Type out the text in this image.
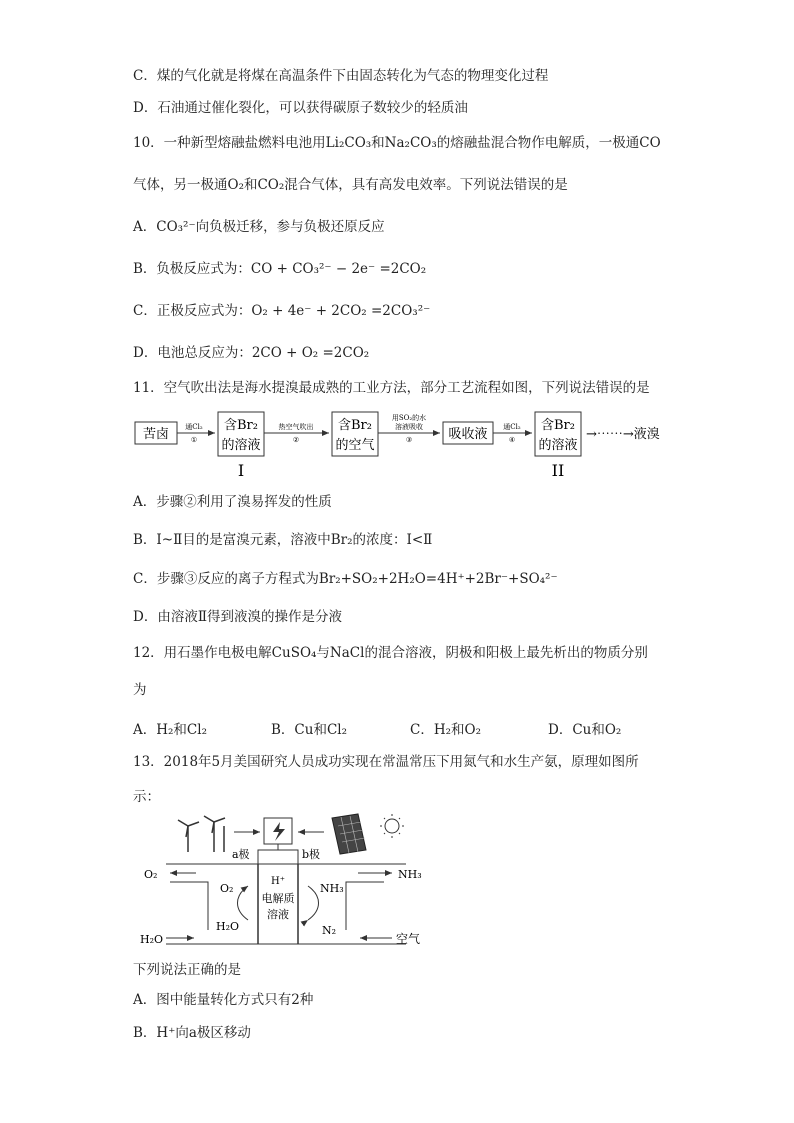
C．煤的气化就是将煤在高温条件下由固态转化为气态的物理变化过程
D．石油通过催化裂化，可以获得碳原子数较少的轻质油
10．一种新型熔融盐燃料电池用Li₂CO₃和Na₂CO₃的熔融盐混合物作电解质，一极通CO
气体，另一极通O₂和CO₂混合气体，具有高发电效率。下列说法错误的是
A．CO₃²⁻向负极迁移，参与负极还原反应
B．负极反应式为：CO + CO₃²⁻ − 2e⁻ =2CO₂
C．正极反应式为：O₂ + 4e⁻ + 2CO₂ =2CO₃²⁻
D．电池总反应为：2CO + O₂ =2CO₂
11．空气吹出法是海水提溴最成熟的工业方法，部分工艺流程如图，下列说法错误的是
苦卤 通Cl₂
①
含Br₂
的溶液
I
热空气吹出
②
含Br₂
的空气
用SO₂的水
溶液吸收
③	吸收液 通Cl₂
④
含Br₂
的溶液
II
→⋯⋯→液溴
A．步骤②利用了溴易挥发的性质
B．Ⅰ~Ⅱ目的是富溴元素，溶液中Br₂的浓度：Ⅰ<Ⅱ
C．步骤③反应的离子方程式为Br₂+SO₂+2H₂O=4H⁺+2Br⁻+SO₄²⁻
D．由溶液Ⅱ得到液溴的操作是分液
12．用石墨作电极电解CuSO₄与NaCl的混合溶液，阴极和阳极上最先析出的物质分别
为
A．H₂和Cl₂	B．Cu和Cl₂	C．H₂和O₂	D．Cu和O₂
13．2018年5月美国研究人员成功实现在常温常压下用氮气和水生产氨，原理如图所
示：
a极	b极
O₂	NH₃
O₂
H⁺
电解质
溶液
NH₃
H₂O	N₂
H₂O	空气
下列说法正确的是
A．图中能量转化方式只有2种
B．H⁺向a极区移动
